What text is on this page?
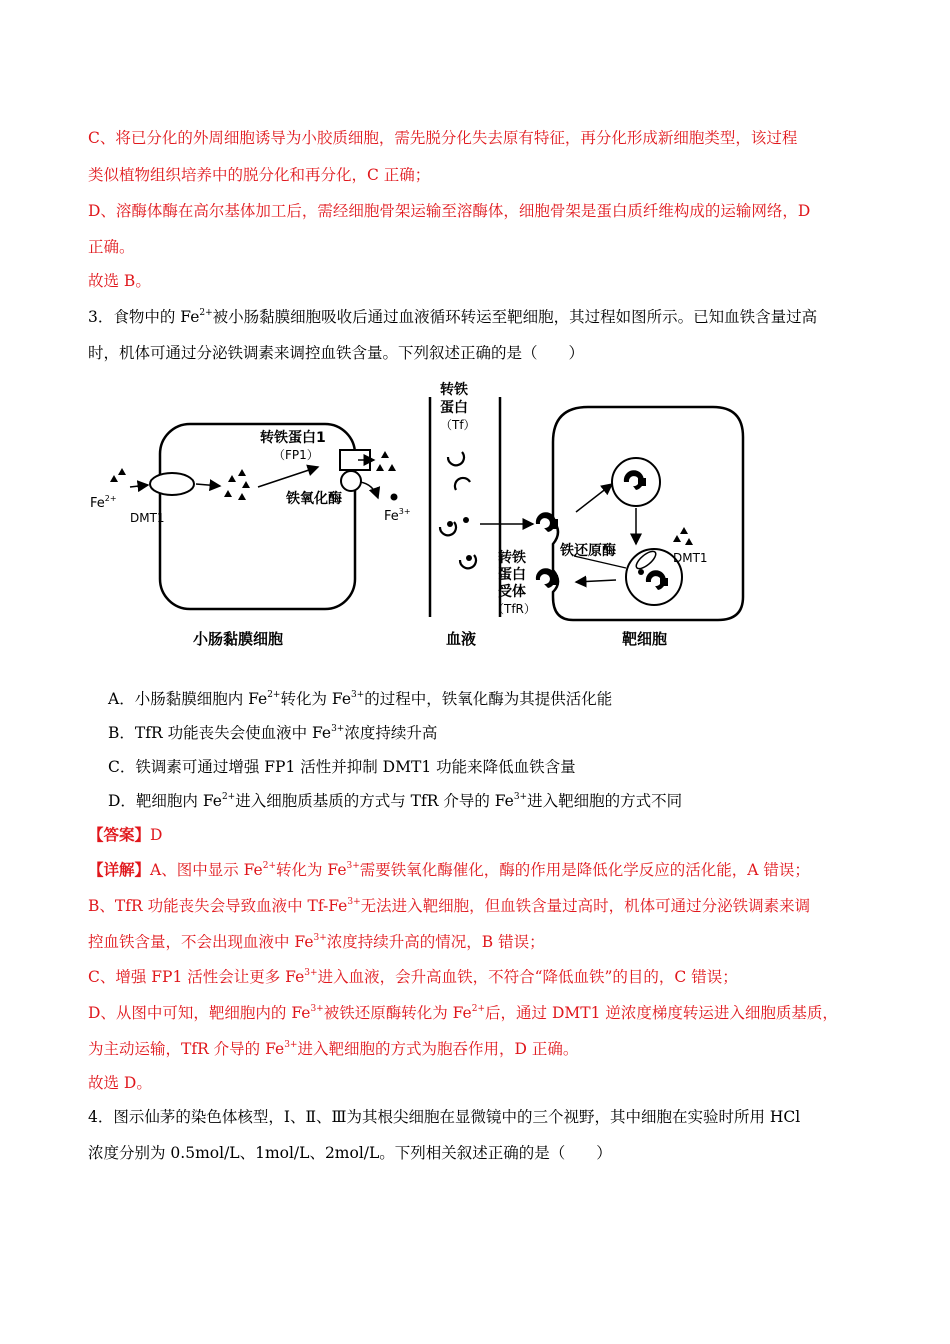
C、将已分化的外周细胞诱导为小胶质细胞，需先脱分化失去原有特征，再分化形成新细胞类型，该过程
类似植物组织培养中的脱分化和再分化，C 正确；
D、溶酶体酶在高尔基体加工后，需经细胞骨架运输至溶酶体，细胞骨架是蛋白质纤维构成的运输网络，D
正确。
故选 B。
3．食物中的 $Fe^{2+}$被小肠黏膜细胞吸收后通过血液循环转运至靶细胞，其过程如图所示。已知血铁含量过高
时，机体可通过分泌铁调素来调控血铁含量。下列叙述正确的是（　　）
$Fe^{2+}$
DMT1
转铁蛋白1
（FP1）
铁氧化酶
$Fe^{3+}$
转铁
蛋白
（Tf）
转铁
蛋白
受体
（TfR）
铁还原酶	DMT1
小肠黏膜细胞	血液	靶细胞
A．小肠黏膜细胞内 $Fe^{2+}$转化为 $Fe^{3+}$的过程中，铁氧化酶为其提供活化能
B．TfR 功能丧失会使血液中 $Fe^{3+}$浓度持续升高
C．铁调素可通过增强 FP1 活性并抑制 DMT1 功能来降低血铁含量
D．靶细胞内 $Fe^{2+}$进入细胞质基质的方式与 TfR 介导的 $Fe^{3+}$进入靶细胞的方式不同
【答案】D
【详解】A、图中显示 $Fe^{2+}$转化为 $Fe^{3+}$需要铁氧化酶催化，酶的作用是降低化学反应的活化能，A 错误；
B、TfR 功能丧失会导致血液中 $Tf-Fe^{3+}$无法进入靶细胞，但血铁含量过高时，机体可通过分泌铁调素来调
控血铁含量，不会出现血液中 $Fe^{3+}$浓度持续升高的情况，B 错误；
C、增强 FP1 活性会让更多 $Fe^{3+}$进入血液，会升高血铁，不符合“降低血铁”的目的，C 错误；
D、从图中可知，靶细胞内的 $Fe^{3+}$被铁还原酶转化为 $Fe^{2+}$后，通过 DMT1 逆浓度梯度转运进入细胞质基质，
为主动运输，TfR 介导的 $Fe^{3+}$进入靶细胞的方式为胞吞作用，D 正确。
故选 D。
4．图示仙茅的染色体核型，Ⅰ、Ⅱ、Ⅲ为其根尖细胞在显微镜中的三个视野，其中细胞在实验时所用 HCl
浓度分别为 0.5mol/L、1mol/L、2mol/L。下列相关叙述正确的是（　　）
